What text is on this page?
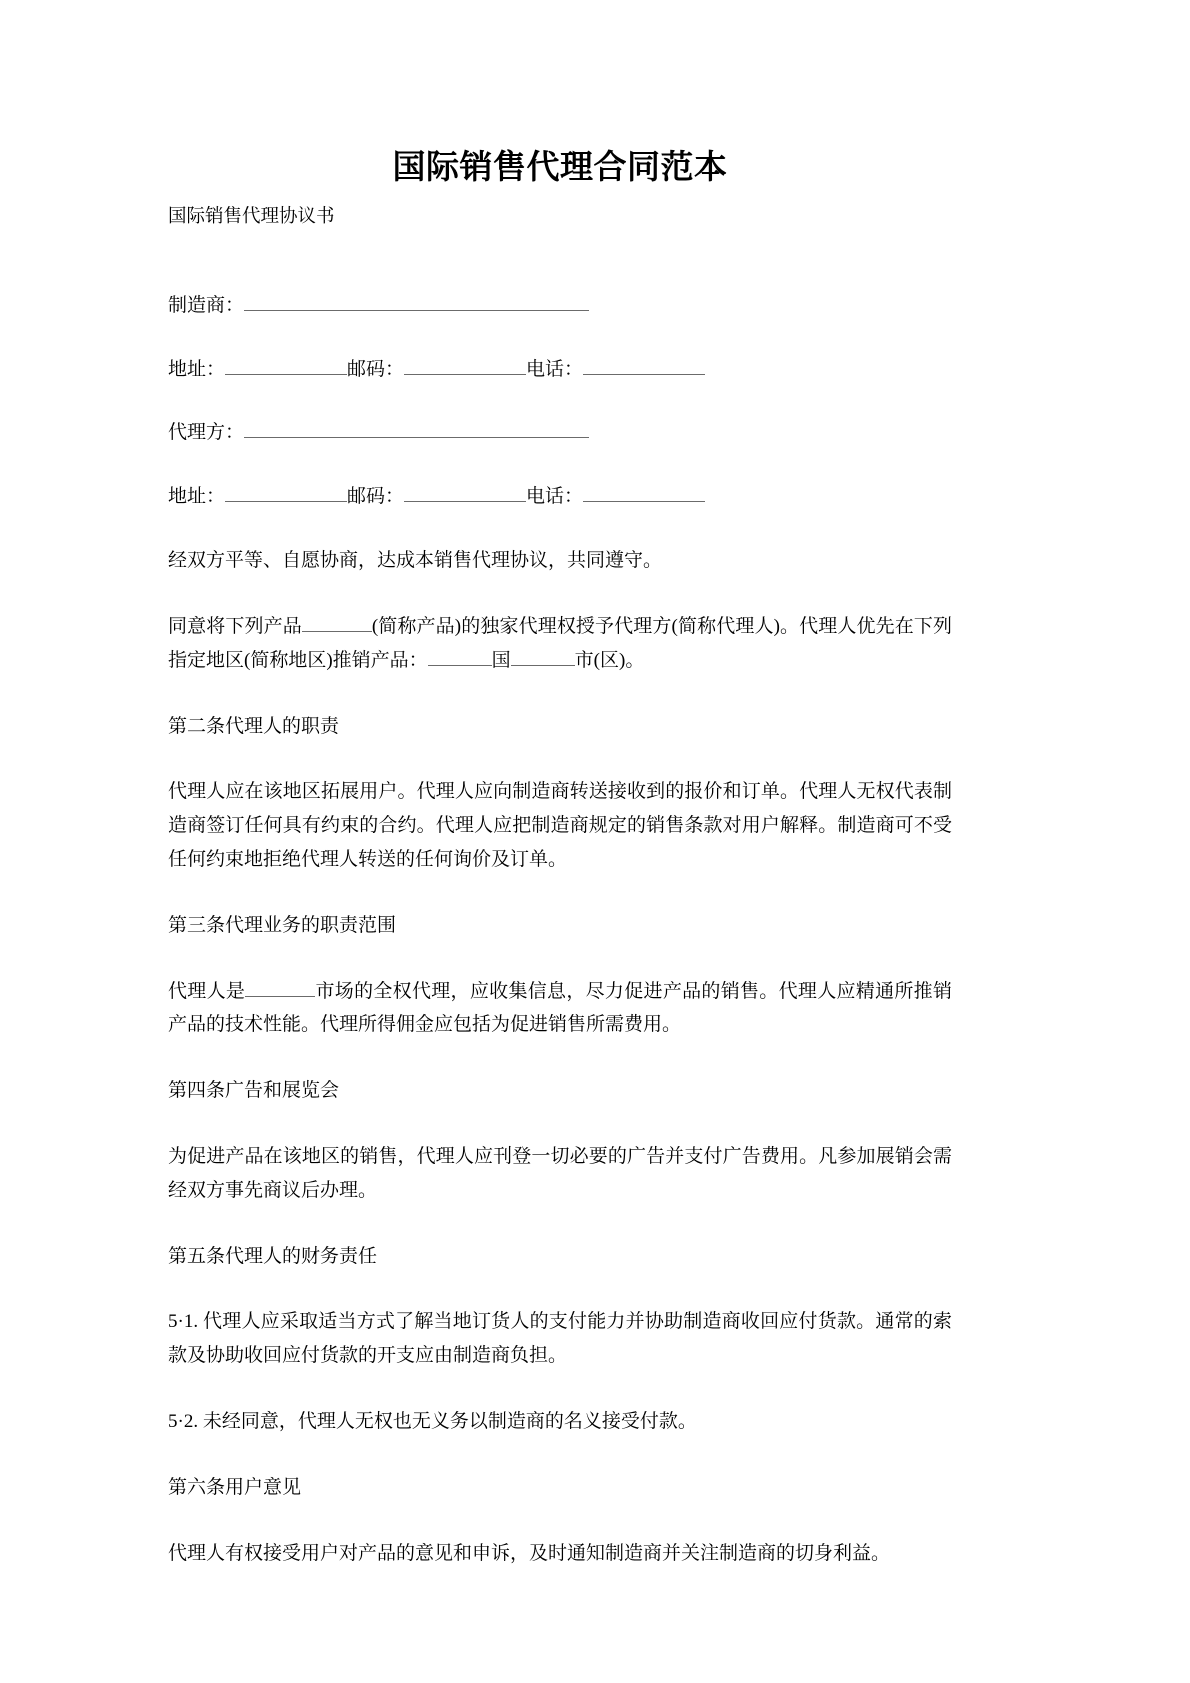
国际销售代理合同范本

国际销售代理协议书

制造商：

地址：	邮码：	电话：

代理方：

地址：	邮码：	电话：

经双方平等、自愿协商，达成本销售代理协议，共同遵守。

同意将下列产品	(简称产品)的独家代理权授予代理方(简称代理人)。代理人优先在下列指定地区(简称地区)推销产品：	国	市(区)。

第二条代理人的职责

代理人应在该地区拓展用户。代理人应向制造商转送接收到的报价和订单。代理人无权代表制造商签订任何具有约束的合约。代理人应把制造商规定的销售条款对用户解释。制造商可不受任何约束地拒绝代理人转送的任何询价及订单。

第三条代理业务的职责范围

代理人是	市场的全权代理，应收集信息，尽力促进产品的销售。代理人应精通所推销产品的技术性能。代理所得佣金应包括为促进销售所需费用。

第四条广告和展览会

为促进产品在该地区的销售，代理人应刊登一切必要的广告并支付广告费用。凡参加展销会需经双方事先商议后办理。

第五条代理人的财务责任

5·1. 代理人应采取适当方式了解当地订货人的支付能力并协助制造商收回应付货款。通常的索款及协助收回应付货款的开支应由制造商负担。

5·2. 未经同意，代理人无权也无义务以制造商的名义接受付款。

第六条用户意见

代理人有权接受用户对产品的意见和申诉，及时通知制造商并关注制造商的切身利益。
